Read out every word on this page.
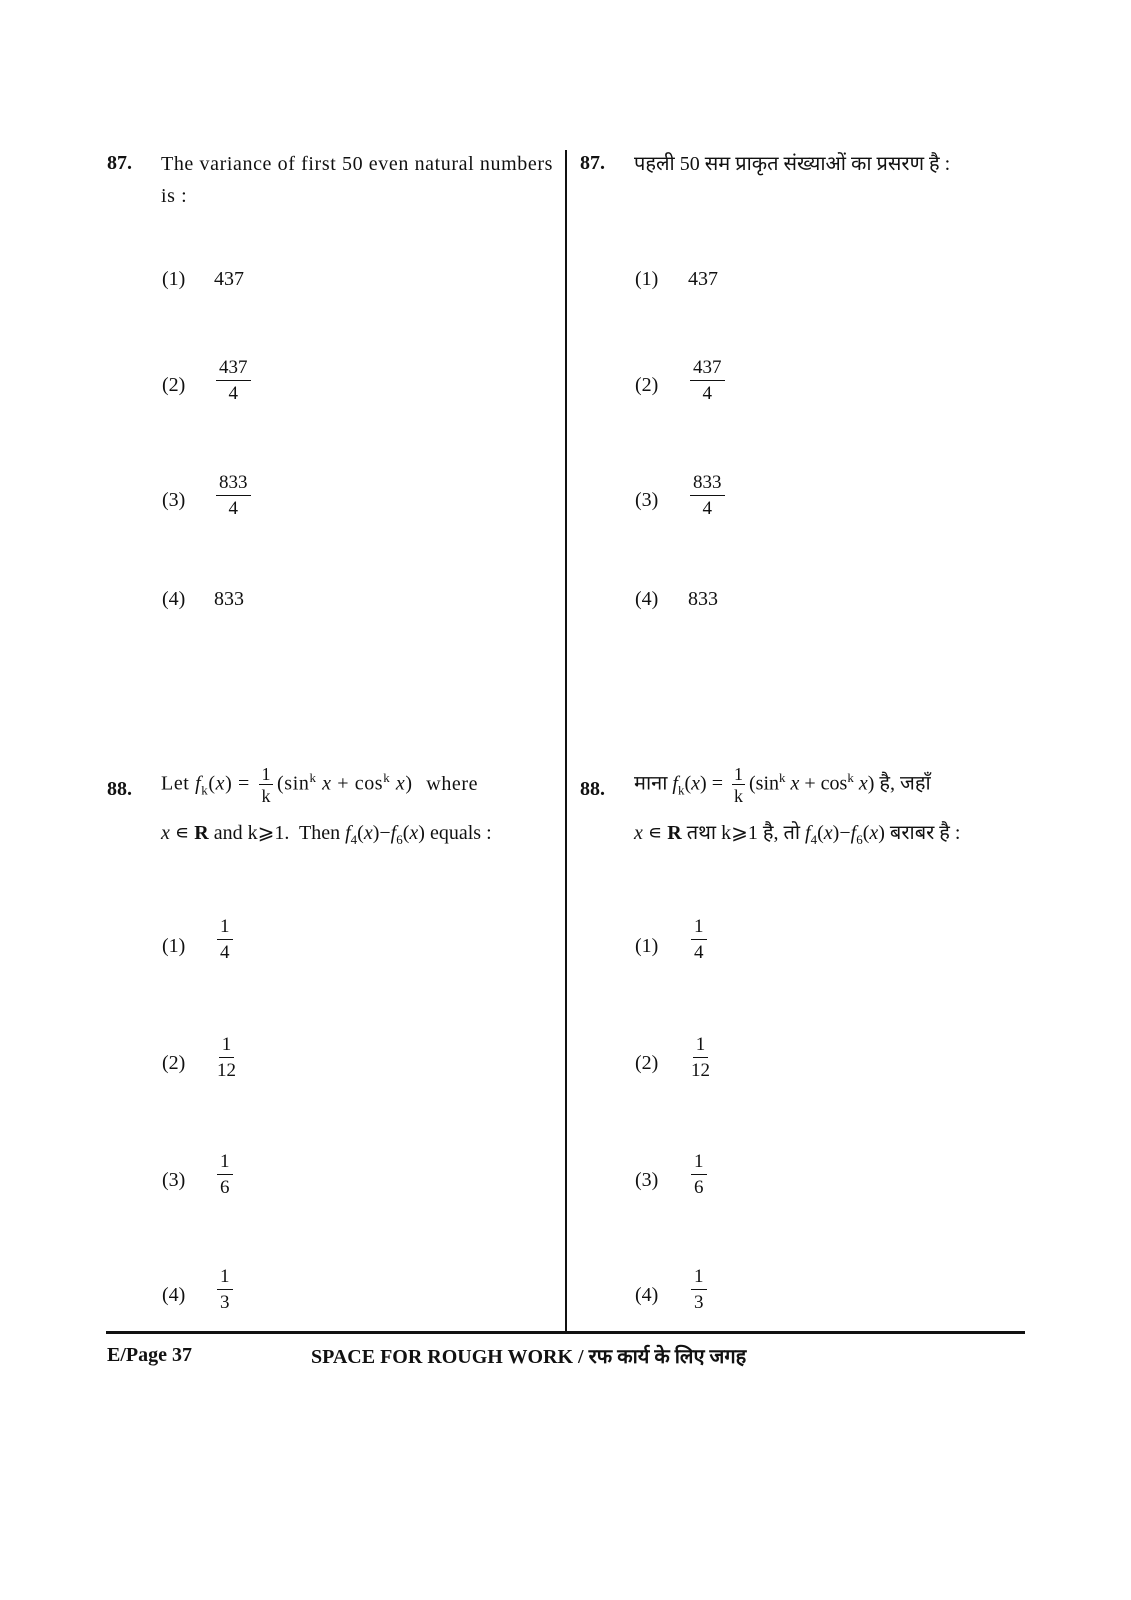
87. The variance of first 50 even natural numbers is :
(1) 437
$(2) \frac{437}{4}$
$(3) \frac{833}{4}$
(4) 833
87. पहली 50 सम प्राकृत संख्याओं का प्रसरण है :
(1) 437
$(2) \frac{437}{4}$
$(3) \frac{833}{4}$
(4) 833
88. Let $f_k(x) = \frac{1}{k} (\sin^k$ $x + \cos^k x$) where
x ∊ R and k⩾1.  Then $f_4(x)-f_6(x)$ equals :
$(1) \frac{1}{4}$
$(2) \frac{1}{12}$
$(3) \frac{1}{6}$
$(4) \frac{1}{3}$
88. माना $f_k(x) = \frac{1}{k} (\sin^k$ $x + \cos^k x$) है, जहाँ
x ∊ R तथा k⩾1 है, तो $f_4(x)-f_6(x)$ बराबर है :
$(1) \frac{1}{4}$
$(2) \frac{1}{12}$
$(3) \frac{1}{6}$
$(4) \frac{1}{3}$
E/Page 37	SPACE FOR ROUGH WORK / रफ कार्य के लिए जगह
